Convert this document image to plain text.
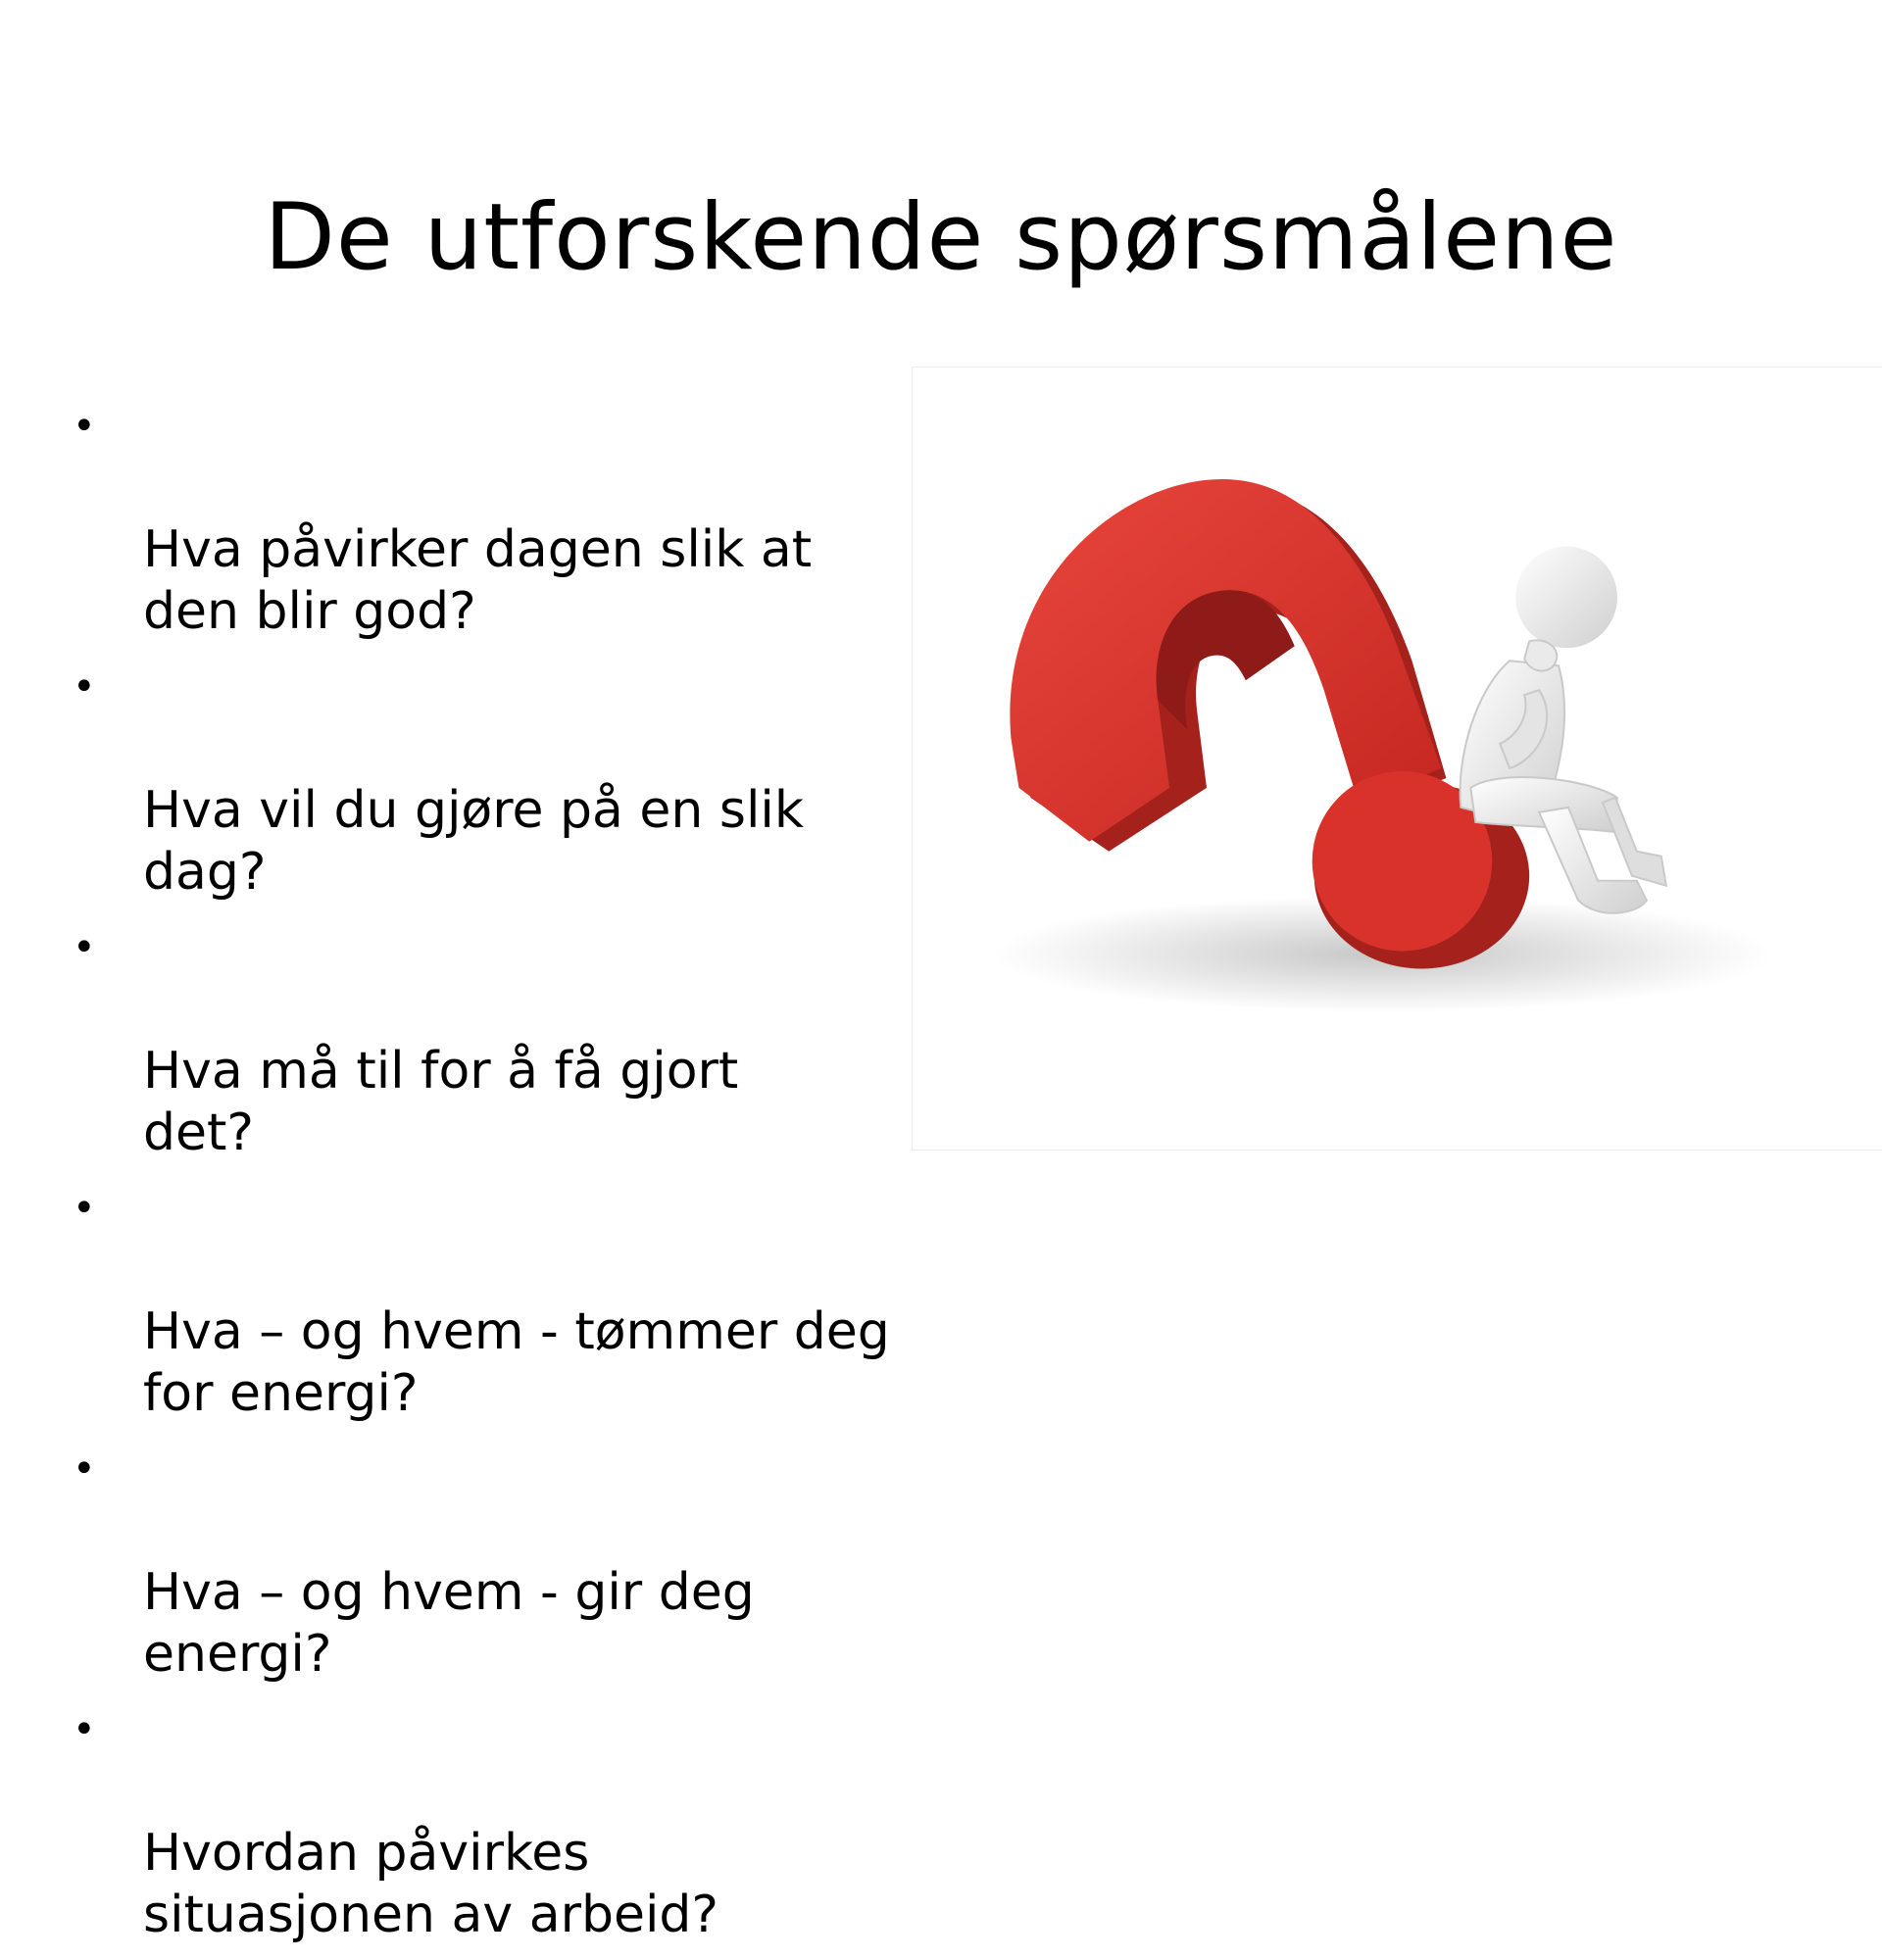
De utforskende spørsmålene

•

Hva påvirker dagen slik at
den blir god?

•

Hva vil du gjøre på en slik
dag?

•

Hva må til for å få gjort
det?

•

Hva – og hvem - tømmer deg
for energi?

•

Hva – og hvem - gir deg
energi?

•

Hvordan påvirkes
situasjonen av arbeid?
